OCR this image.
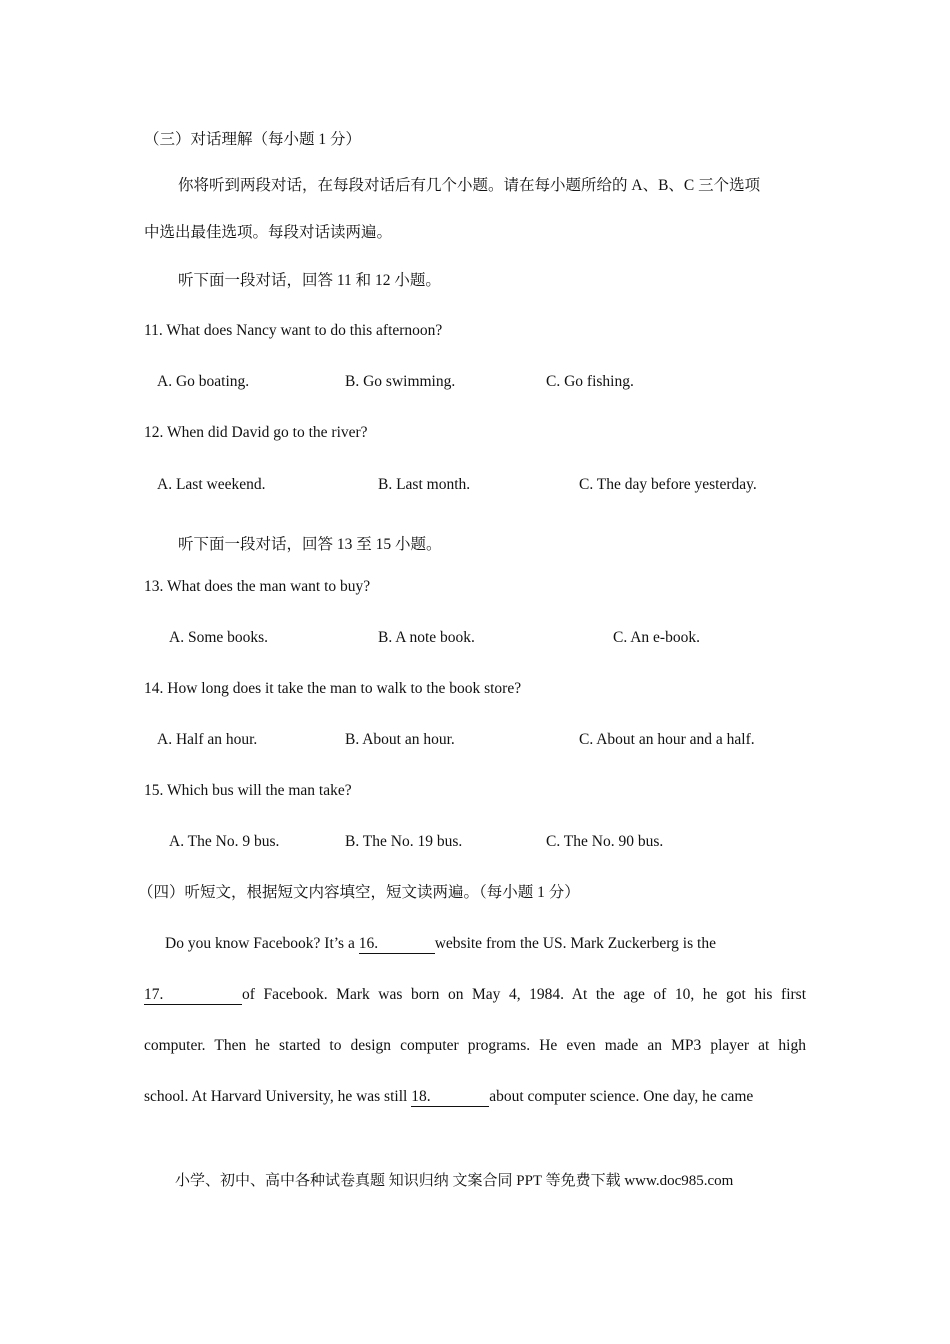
（三）对话理解（每小题 1 分）
你将听到两段对话，在每段对话后有几个小题。请在每小题所给的 A、B、C 三个选项
中选出最佳选项。每段对话读两遍。
听下面一段对话，回答 11 和 12 小题。
11. What does Nancy want to do this afternoon?
A. Go boating.	B. Go swimming.	C. Go fishing.
12. When did David go to the river?
A. Last weekend.	B. Last month.	C. The day before yesterday.
听下面一段对话，回答 13 至 15 小题。
13. What does the man want to buy?
A. Some books.	B. A note book.	C. An e-book.
14. How long does it take the man to walk to the book store?
A. Half an hour.	B. About an hour.	C. About an hour and a half.
15. Which bus will the man take?
A. The No. 9 bus.	B. The No. 19 bus.	C. The No. 90 bus.
（四）听短文，根据短文内容填空，短文读两遍。（每小题 1 分）
Do you know Facebook? It’s a 16.	website from the US. Mark Zuckerberg is the
17.	of Facebook. Mark was born on May 4, 1984. At the age of 10, he got his first
computer. Then he started to design computer programs. He even made an MP3 player at high
school. At Harvard University, he was still 18.	about computer science. One day, he came
小学、初中、高中各种试卷真题 知识归纳 文案合同 PPT 等免费下载 www.doc985.com
